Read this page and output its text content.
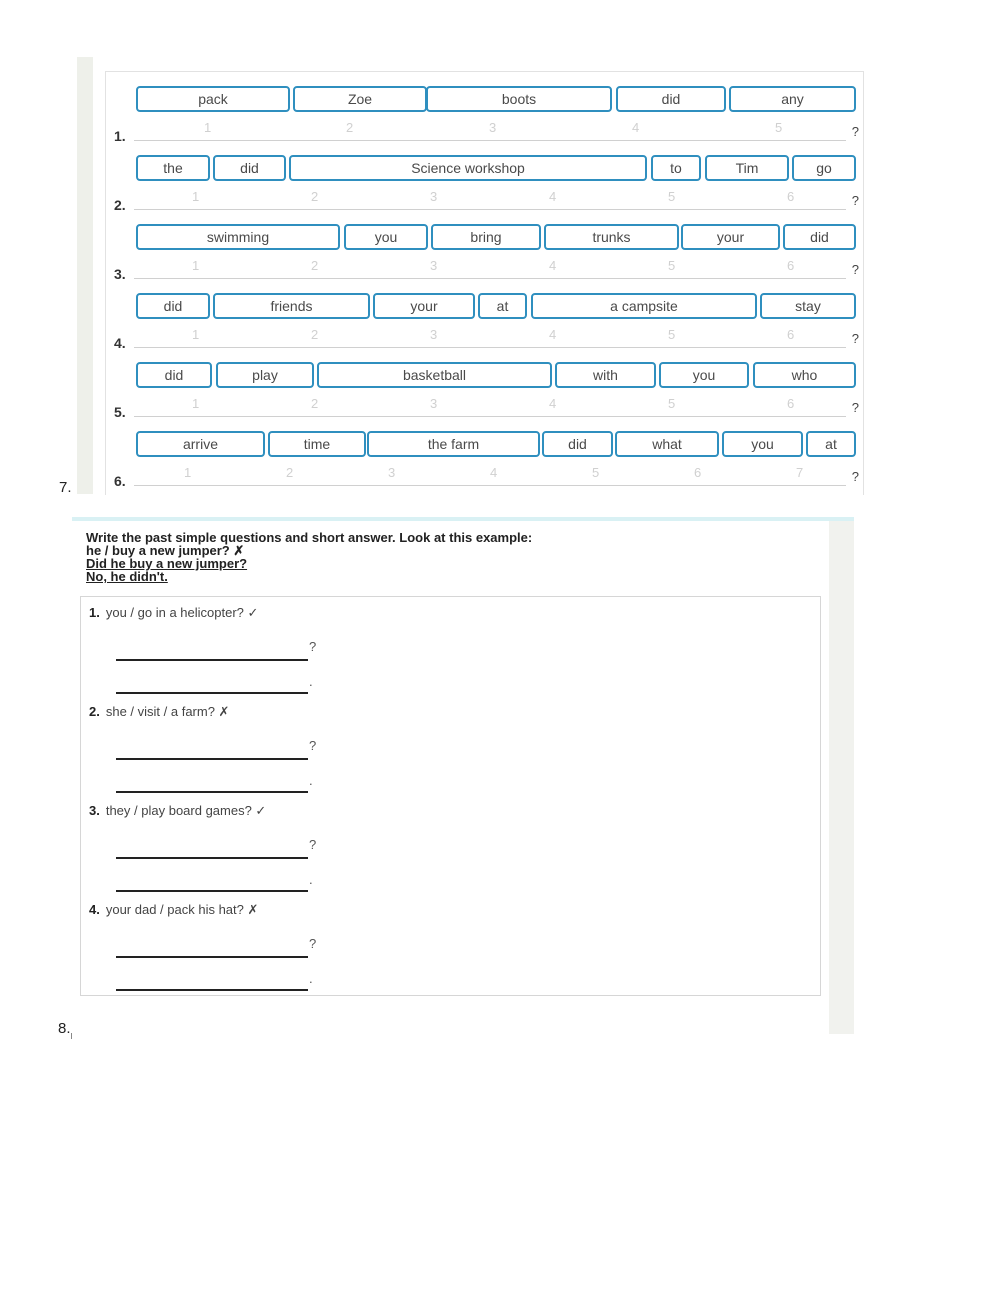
7.
pack	Zoe	boots	did	any
1.
1	2	3	4	5	?
the	did	Science workshop	to	Tim	go
2.
1	2	3	4	5	6	?
swimming	you	bring	trunks	your	did
3.
1	2	3	4	5	6	?
did	friends	your	at	a campsite	stay
4.
1	2	3	4	5	6	?
did	play	basketball	with	you	who
5.
1	2	3	4	5	6	?
arrive	time	the farm	did	what	you	at
6.
1	2	3	4	5	6	7	?
Write the past simple questions and short answer. Look at this example:
he / buy a new jumper? ✗
Did he buy a new jumper?
No, he didn't.
1. you / go in a helicopter? ✓
?
.
2. she / visit / a farm? ✗
?
.
3. they / play board games? ✓
?
.
4. your dad / pack his hat? ✗
?
.
8.
